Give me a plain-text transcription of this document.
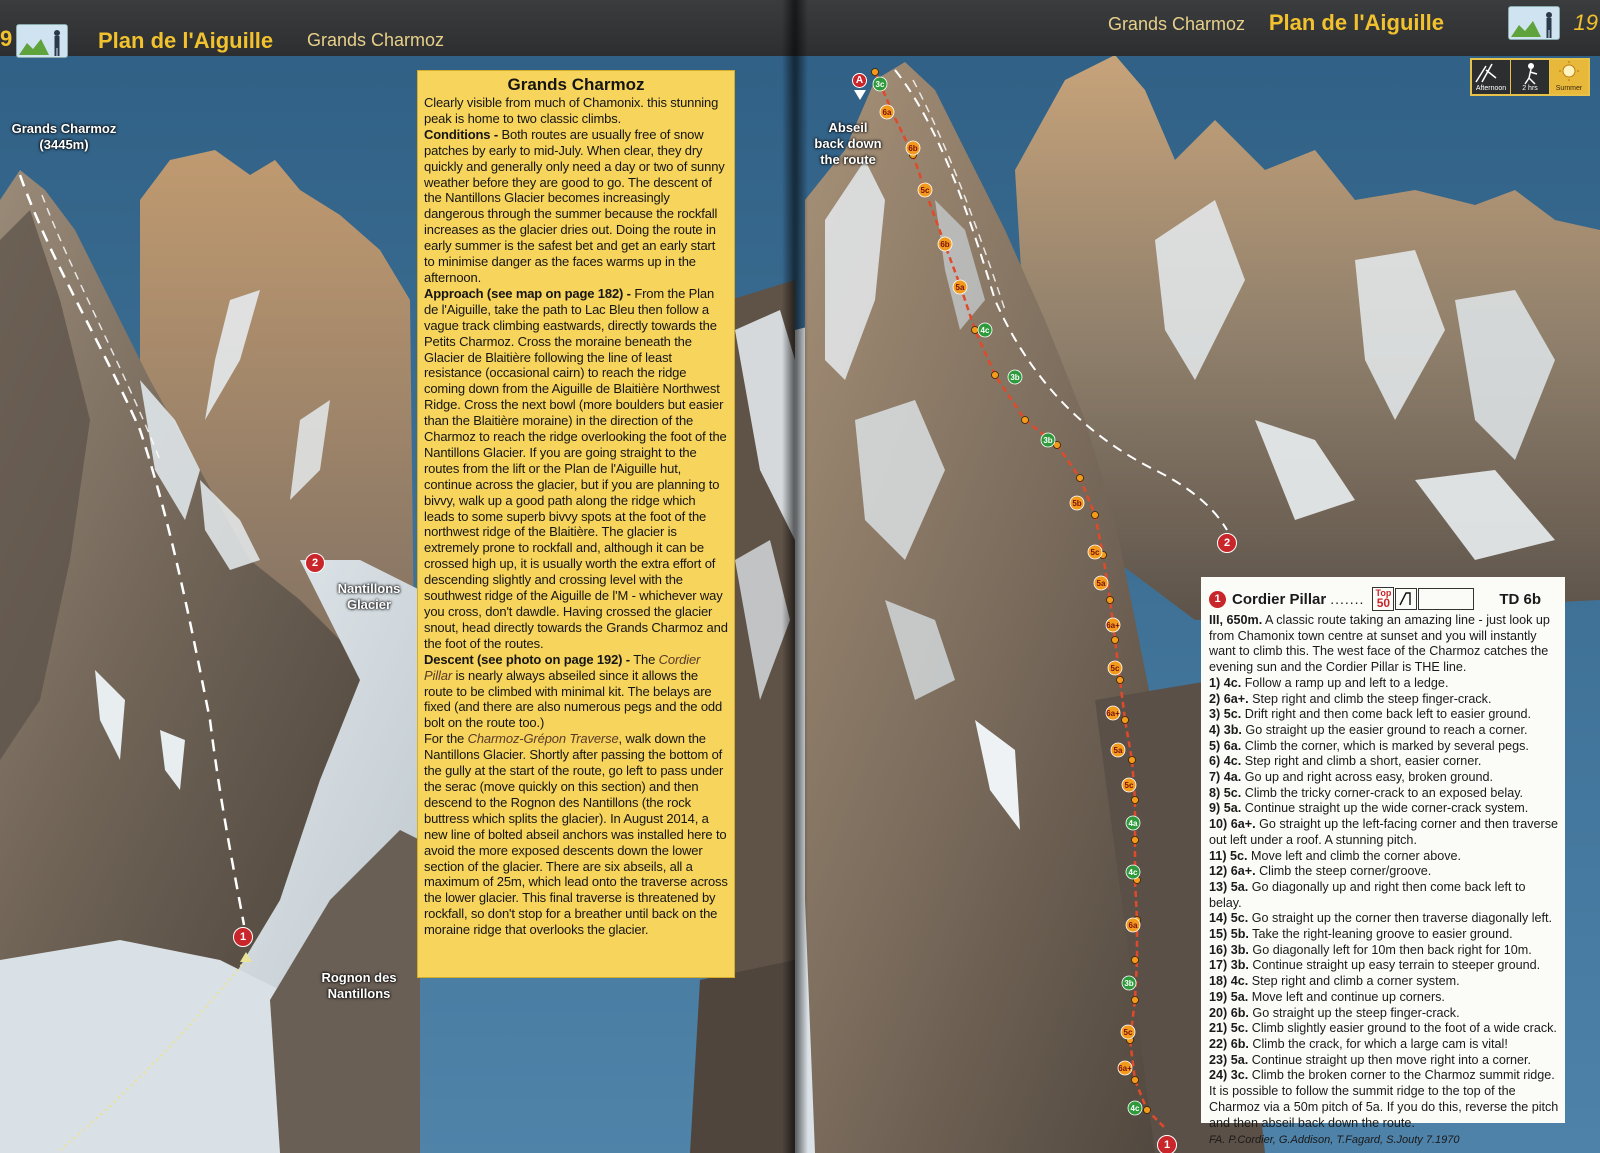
9	Plan de l'Aiguille Grands Charmoz
Grands Charmoz
(3445m)
Nantillons
Glacier
Rognon des
Nantillons
2
1
Grands Charmoz

Clearly visible from much of Chamonix. this stunning peak is home to two classic climbs.
Conditions - Both routes are usually free of snow patches by early to mid-July. When clear, they dry quickly and generally only need a day or two of sunny weather before they are good to go. The descent of the Nantillons Glacier becomes increasingly dangerous through the summer because the rockfall increases as the glacier dries out. Doing the route in early summer is the safest bet and get an early start to minimise danger as the faces warms up in the afternoon.
Approach (see map on page 182) - From the Plan de l'Aiguille, take the path to Lac Bleu then follow a vague track climbing eastwards, directly towards the Petits Charmoz. Cross the moraine beneath the Glacier de Blaitière following the line of least resistance (occasional cairn) to reach the ridge coming down from the Aiguille de Blaitière Northwest Ridge. Cross the next bowl (more boulders but easier than the Blaitière moraine) in the direction of the Charmoz to reach the ridge overlooking the foot of the Nantillons Glacier. If you are going straight to the routes from the lift or the Plan de l'Aiguille hut, continue across the glacier, but if you are planning to bivvy, walk up a good path along the ridge which leads to some superb bivvy spots at the foot of the northwest ridge of the Blaitière. The glacier is extremely prone to rockfall and, although it can be crossed high up, it is usually worth the extra effort of descending slightly and crossing level with the southwest ridge of the Aiguille de l'M - whichever way you cross, don't dawdle. Having crossed the glacier snout, head directly towards the Grands Charmoz and the foot of the routes.
Descent (see photo on page 192) - The Cordier Pillar is nearly always abseiled since it allows the route to be climbed with minimal kit. The belays are fixed (and there are also numerous pegs and the odd bolt on the route too.)
For the Charmoz-Grépon Traverse, walk down the Nantillons Glacier. Shortly after passing the bottom of the gully at the start of the route, go left to pass under the serac (move quickly on this section) and then descend to the Rognon des Nantillons (the rock buttress which splits the glacier). In August 2014, a new line of bolted abseil anchors was installed here to avoid the more exposed descents down the lower section of the glacier. There are six abseils, all a maximum of 25m, which lead onto the traverse across the lower glacier. This final traverse is threatened by rockfall, so don't stop for a breather until back on the moraine ridge that overlooks the glacier.

3c
6a
6b
5c
6b
5a
4c
3b
3b
5b
5c
5a
6a+
5c
6a+
5a
5c
4a
4c
6a
3b
5c
6a+
4c
Grands Charmoz Plan de l'Aiguille	19
Afternoon	2 hrs	Summer
A
Abseil
back down
the route
2
1
1 Cordier Pillar ....... Top
50	TD 6b

III, 650m. A classic route taking an amazing line - just look up from Chamonix town centre at sunset and you will instantly want to climb this. The west face of the Charmoz catches the evening sun and the Cordier Pillar is THE line.

1) 4c. Follow a ramp up and left to a ledge.

2) 6a+. Step right and climb the steep finger-crack.

3) 5c. Drift right and then come back left to easier ground.

4) 3b. Go straight up the easier ground to reach a corner.

5) 6a. Climb the corner, which is marked by several pegs.

6) 4c. Step right and climb a short, easier corner.

7) 4a. Go up and right across easy, broken ground.

8) 5c. Climb the tricky corner-crack to an exposed belay.

9) 5a. Continue straight up the wide corner-crack system.

10) 6a+. Go straight up the left-facing corner and then traverse out left under a roof. A stunning pitch.

11) 5c. Move left and climb the corner above.

12) 6a+. Climb the steep corner/groove.

13) 5a. Go diagonally up and right then come back left to belay.

14) 5c. Go straight up the corner then traverse diagonally left.

15) 5b. Take the right-leaning groove to easier ground.

16) 3b. Go diagonally left for 10m then back right for 10m.

17) 3b. Continue straight up easy terrain to steeper ground.

18) 4c. Step right and climb a corner system.

19) 5a. Move left and continue up corners.

20) 6b. Go straight up the steep finger-crack.

21) 5c. Climb slightly easier ground to the foot of a wide crack.

22) 6b. Climb the crack, for which a large cam is vital!

23) 5a. Continue straight up then move right into a corner.

24) 3c. Climb the broken corner to the Charmoz summit ridge.

It is possible to follow the summit ridge to the top of the Charmoz via a 50m pitch of 5a. If you do this, reverse the pitch and then abseil back down the route.

FA. P.Cordier, G.Addison, T.Fagard, S.Jouty 7.1970
